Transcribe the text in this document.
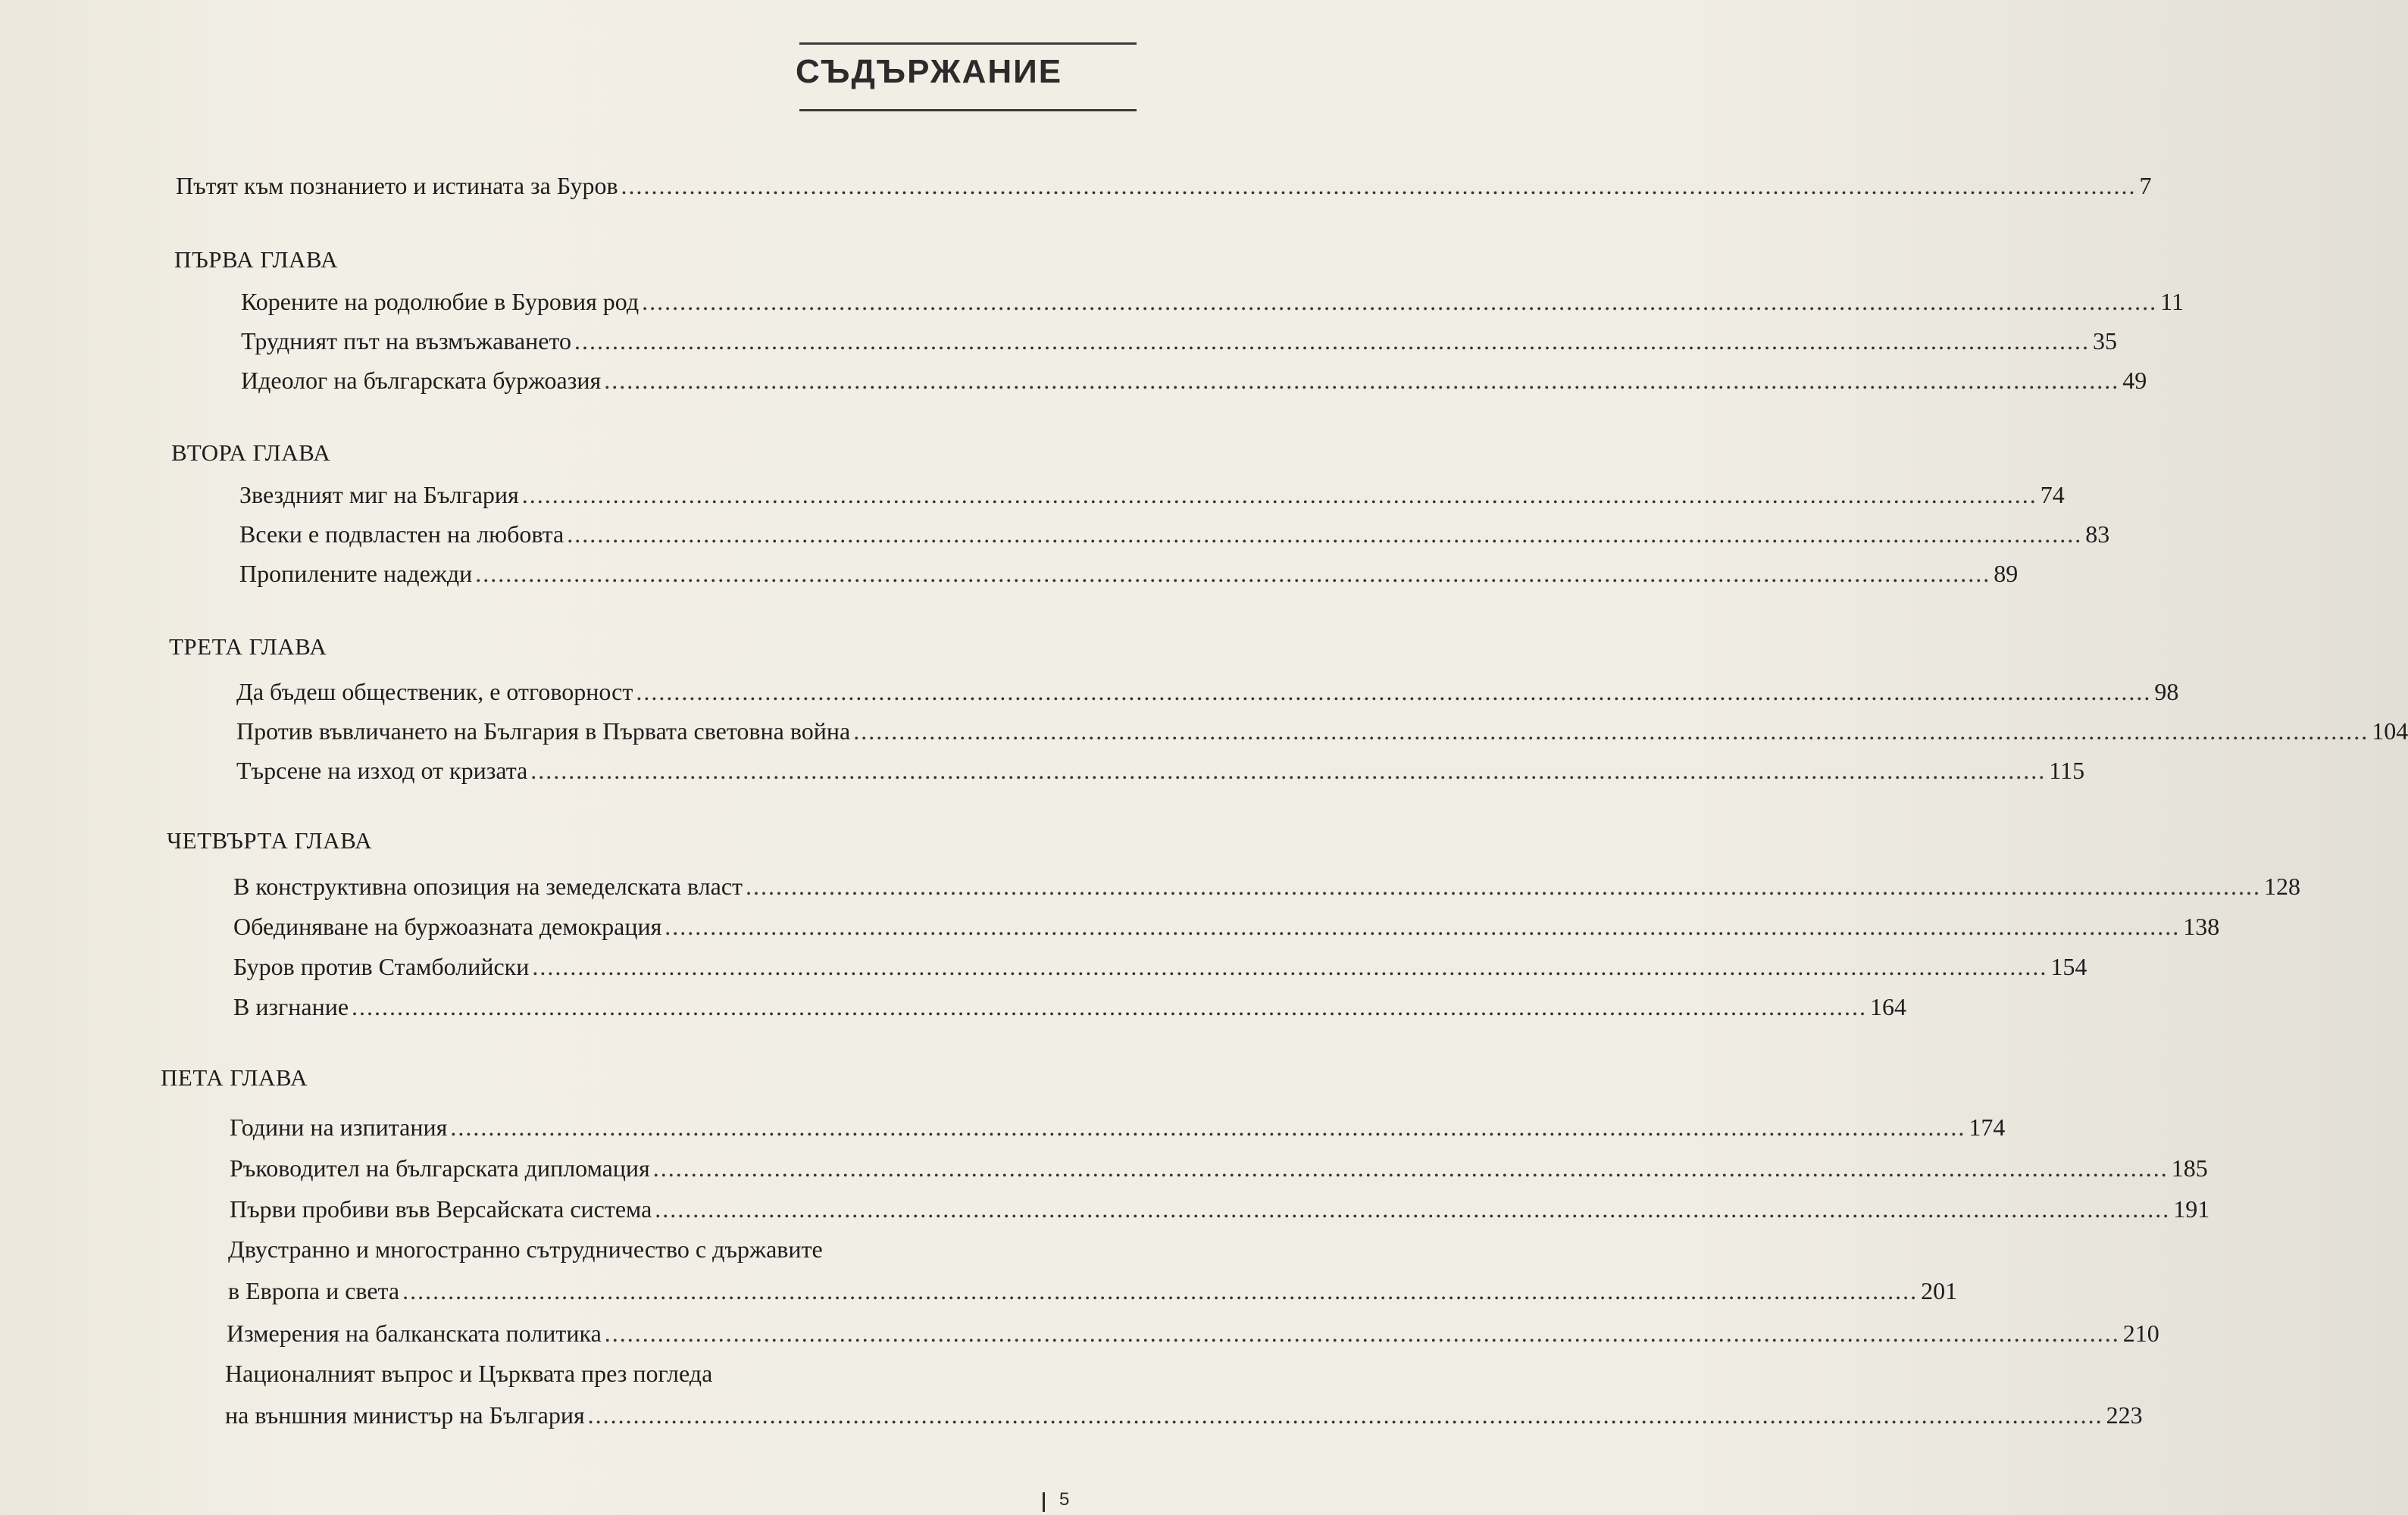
СЪДЪРЖАНИЕ
Пътят към познанието и истината за Буров ........................................................................................................................................................................................................ 7
ПЪРВА ГЛАВА
Корените на родолюбие в Буровия род ........................................................................................................................................................................................................ 11
Трудният път на възмъжаването ........................................................................................................................................................................................................ 35
Идеолог на българската буржоазия ........................................................................................................................................................................................................ 49
ВТОРА ГЛАВА
Звездният миг на България ........................................................................................................................................................................................................ 74
Всеки е подвластен на любовта ........................................................................................................................................................................................................ 83
Пропилените надежди ........................................................................................................................................................................................................ 89
ТРЕТА ГЛАВА
Да бъдеш общественик, е отговорност ........................................................................................................................................................................................................ 98
Против въвличането на България в Първата световна война ........................................................................................................................................................................................................ 104
Търсене на изход от кризата ........................................................................................................................................................................................................ 115
ЧЕТВЪРТА ГЛАВА
В конструктивна опозиция на земеделската власт ........................................................................................................................................................................................................ 128
Обединяване на буржоазната демокрация ........................................................................................................................................................................................................ 138
Буров против Стамболийски ........................................................................................................................................................................................................ 154
В изгнание ........................................................................................................................................................................................................ 164
ПЕТА ГЛАВА
Години на изпитания ........................................................................................................................................................................................................ 174
Ръководител на българската дипломация ........................................................................................................................................................................................................ 185
Първи пробиви във Версайската система ........................................................................................................................................................................................................ 191
Двустранно и многостранно сътрудничество с държавите
в Европа и света ........................................................................................................................................................................................................ 201
Измерения на балканската политика ........................................................................................................................................................................................................ 210
Националният въпрос и Църквата през погледа
на външния министър на България ........................................................................................................................................................................................................ 223
5
